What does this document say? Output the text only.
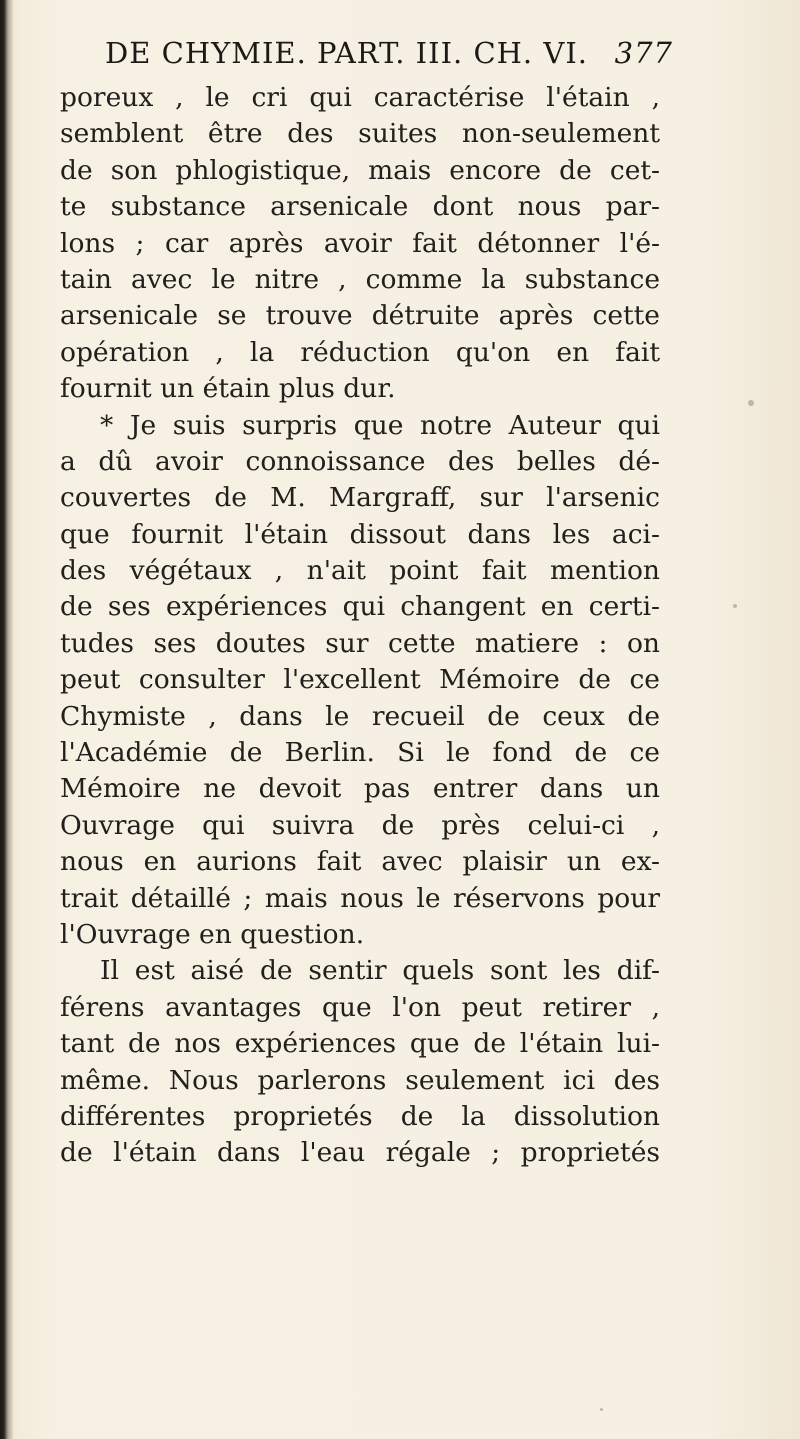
DE CHYMIE. PART. III. CH. VI. 377
poreux , le cri qui caractérise l'étain ,
semblent être des suites non-seulement
de son phlogistique, mais encore de cet-
te substance arsenicale dont nous par-
lons ; car après avoir fait détonner l'é-
tain avec le nitre , comme la substance
arsenicale se trouve détruite après cette
opération , la réduction qu'on en fait
fournit un étain plus dur.
* Je suis surpris que notre Auteur qui
a dû avoir connoissance des belles dé-
couvertes de M. Margraff, sur l'arsenic
que fournit l'étain dissout dans les aci-
des végétaux , n'ait point fait mention
de ses expériences qui changent en certi-
tudes ses doutes sur cette matiere : on
peut consulter l'excellent Mémoire de ce
Chymiste , dans le recueil de ceux de
l'Académie de Berlin. Si le fond de ce
Mémoire ne devoit pas entrer dans un
Ouvrage qui suivra de près celui-ci ,
nous en aurions fait avec plaisir un ex-
trait détaillé ; mais nous le réservons pour
l'Ouvrage en question.
Il est aisé de sentir quels sont les dif-
férens avantages que l'on peut retirer ,
tant de nos expériences que de l'étain lui-
même. Nous parlerons seulement ici des
différentes proprietés de la dissolution
de l'étain dans l'eau régale ; proprietés
